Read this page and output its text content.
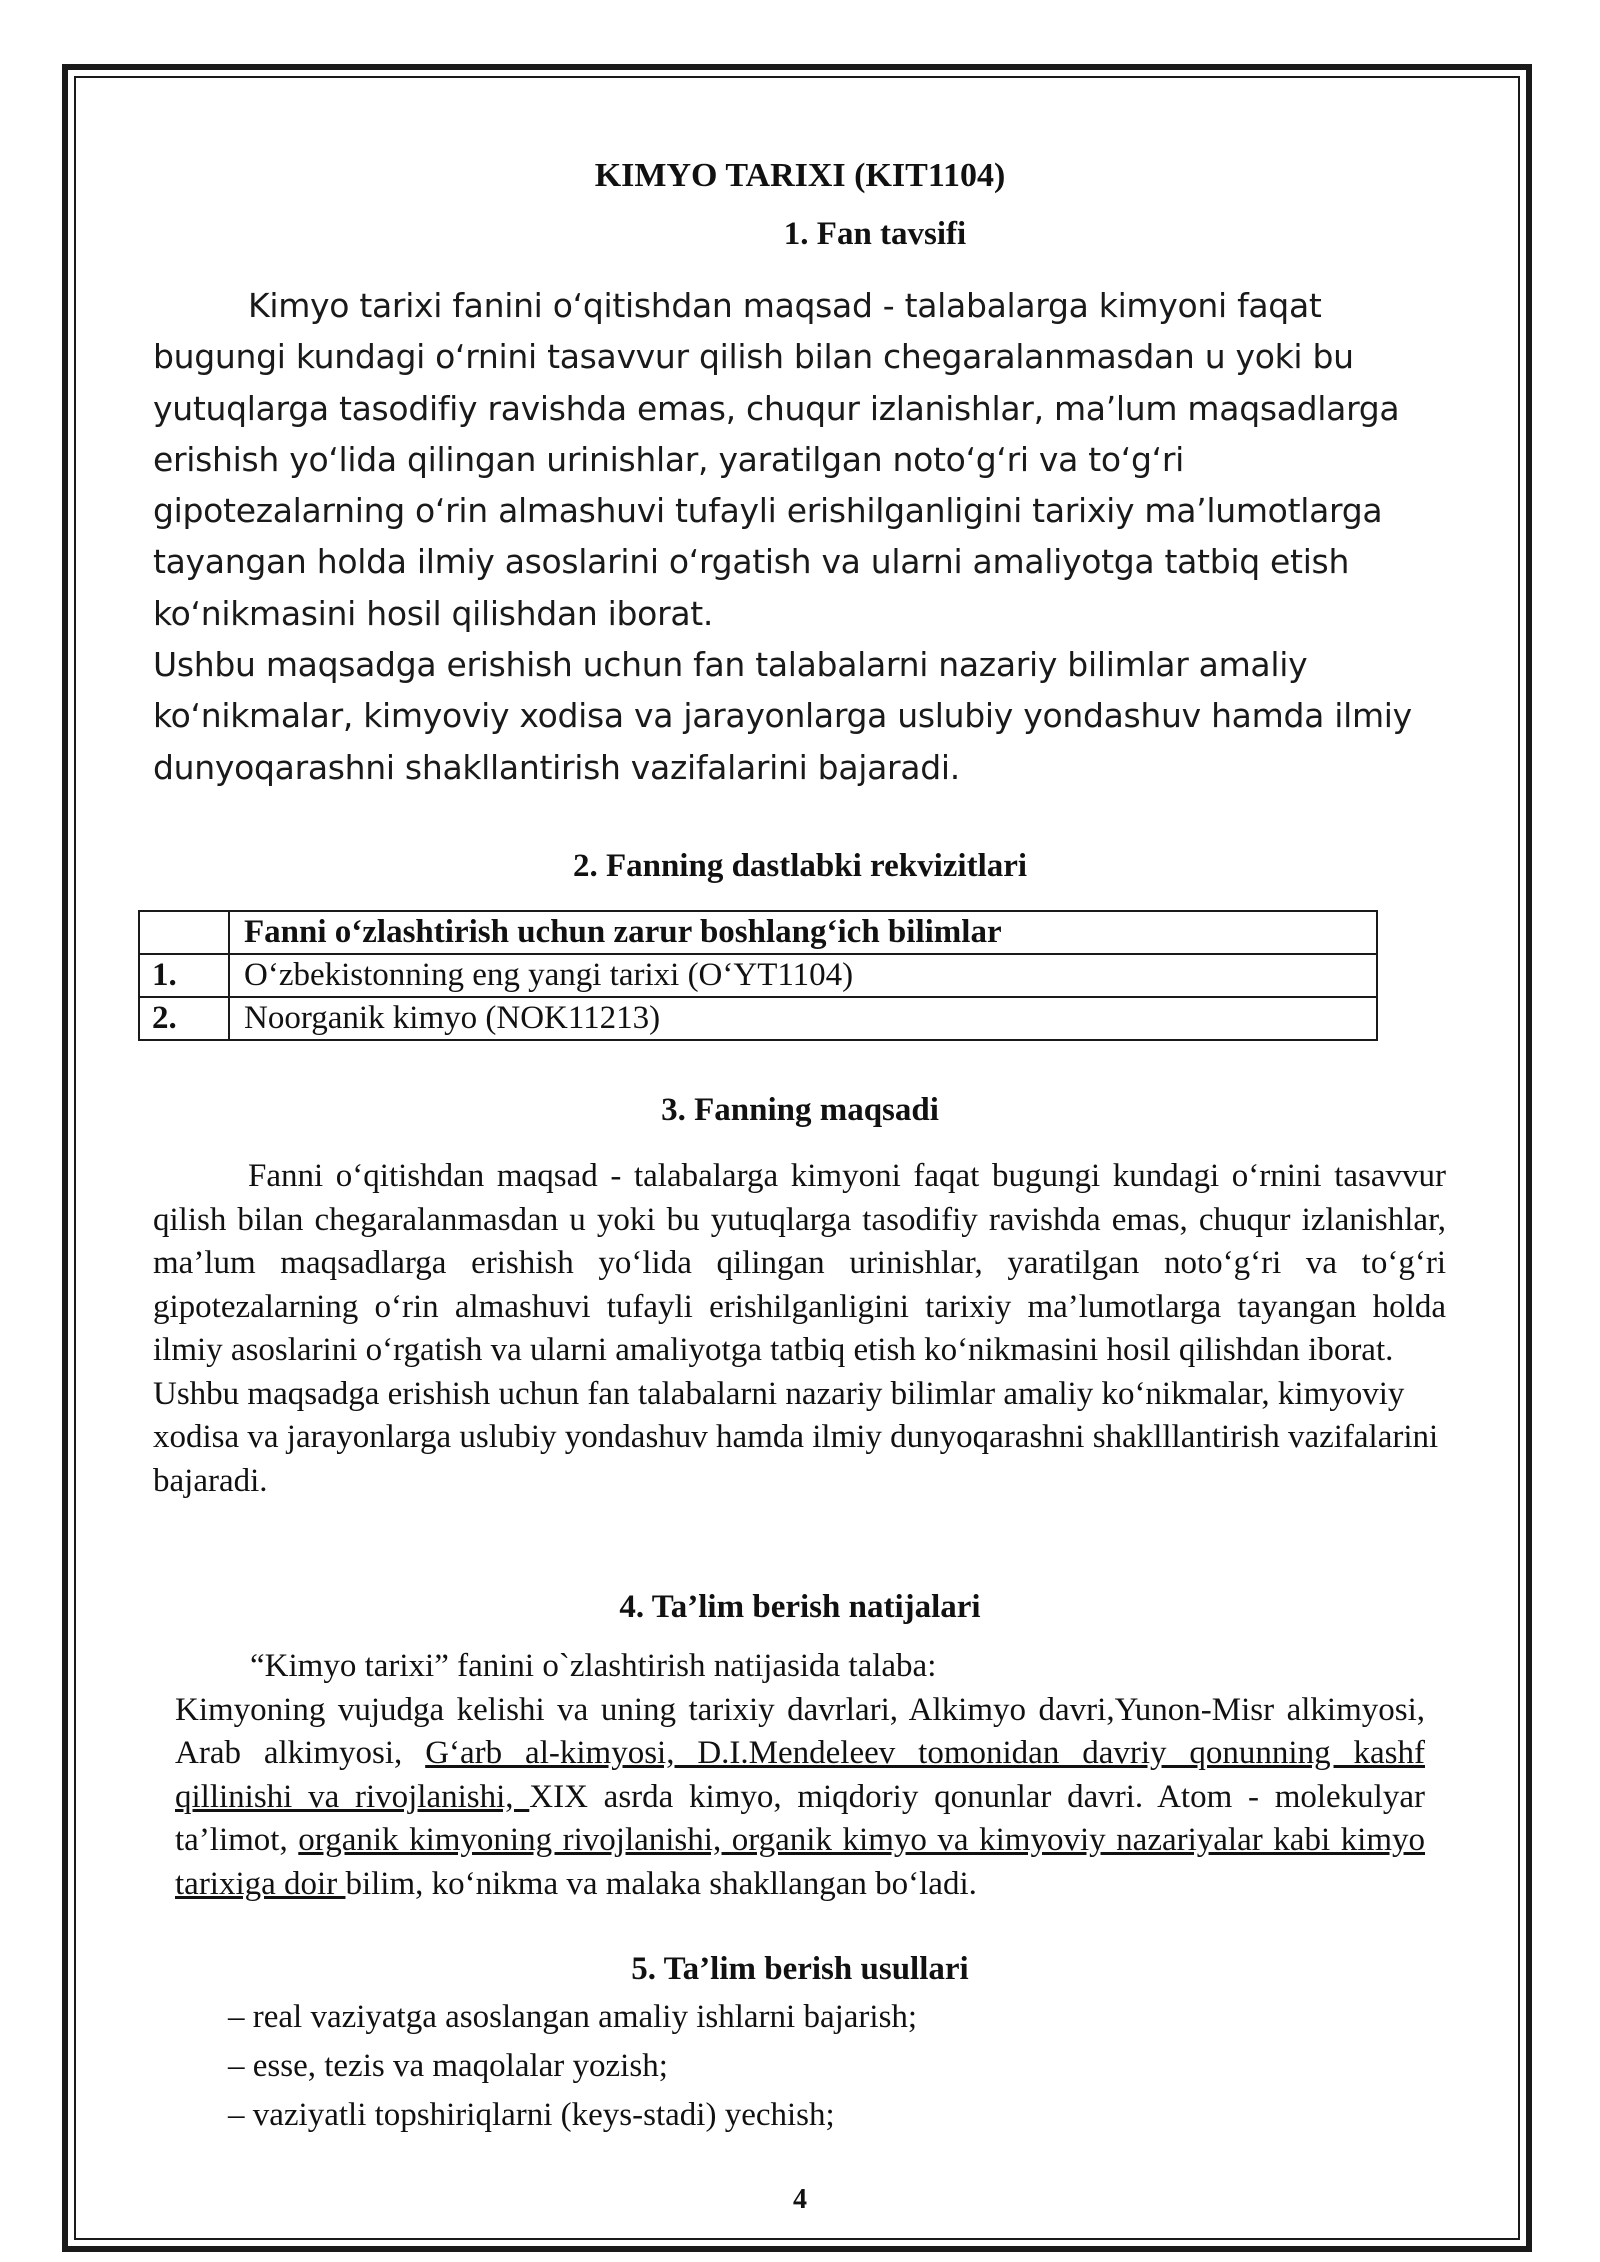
KIMYO TARIXI (KIT1104)
1. Fan tavsifi

Kimyo tarixi fanini o‘qitishdan maqsad - talabalarga kimyoni faqat bugungi kundagi o‘rnini tasavvur qilish bilan chegaralanmasdan u yoki bu yutuqlarga tasodifiy ravishda emas, chuqur izlanishlar, ma’lum maqsadlarga erishish yo‘lida qilingan urinishlar, yaratilgan noto‘g‘ri va to‘g‘ri gipotezalarning o‘rin almashuvi tufayli erishilganligini tarixiy ma’lumotlarga tayangan holda ilmiy asoslarini o‘rgatish va ularni amaliyotga tatbiq etish ko‘nikmasini hosil qilishdan iborat.

Ushbu maqsadga erishish uchun fan talabalarni nazariy bilimlar amaliy ko‘nikmalar, kimyoviy xodisa va jarayonlarga uslubiy yondashuv hamda ilmiy dunyoqarashni shakllantirish vazifalarini bajaradi.

2. Fanning dastlabki rekvizitlari
	Fanni o‘zlashtirish uchun zarur boshlang‘ich bilimlar
1.	O‘zbekistonning eng yangi tarixi (O‘YT1104)
2.	Noorganik kimyo (NOK11213)
3. Fanning maqsadi

Fanni o‘qitishdan maqsad - talabalarga kimyoni faqat bugungi kundagi o‘rnini tasavvur qilish bilan chegaralanmasdan u yoki bu yutuqlarga tasodifiy ravishda emas, chuqur izlanishlar, ma’lum maqsadlarga erishish yo‘lida qilingan urinishlar, yaratilgan noto‘g‘ri va to‘g‘ri gipotezalarning o‘rin almashuvi tufayli erishilganligini tarixiy ma’lumotlarga tayangan holda ilmiy asoslarini o‘rgatish va ularni amaliyotga tatbiq etish ko‘nikmasini hosil qilishdan iborat.

Ushbu maqsadga erishish uchun fan talabalarni nazariy bilimlar amaliy ko‘nikmalar, kimyoviy xodisa va jarayonlarga uslubiy yondashuv hamda ilmiy dunyoqarashni shaklllantirish vazifalarini bajaradi.

4. Ta’lim berish natijalari

“Kimyo tarixi” fanini o`zlashtirish natijasida talaba:

Kimyoning vujudga kelishi va uning tarixiy davrlari, Alkimyo davri,Yunon-Misr alkimyosi, Arab alkimyosi, G‘arb al-kimyosi, D.I.Mendeleev tomonidan davriy qonunning kashf qillinishi va rivojlanishi, XIX asrda kimyo, miqdoriy qonunlar davri. Atom - molekulyar ta’limot, organik kimyoning rivojlanishi, organik kimyo va kimyoviy nazariyalar kabi kimyo tarixiga doir bilim, ko‘nikma va malaka shakllangan bo‘ladi.

5. Ta’lim berish usullari

– real vaziyatga asoslangan amaliy ishlarni bajarish;

– esse, tezis va maqolalar yozish;

– vaziyatli topshiriqlarni (keys-stadi) yechish;

4
